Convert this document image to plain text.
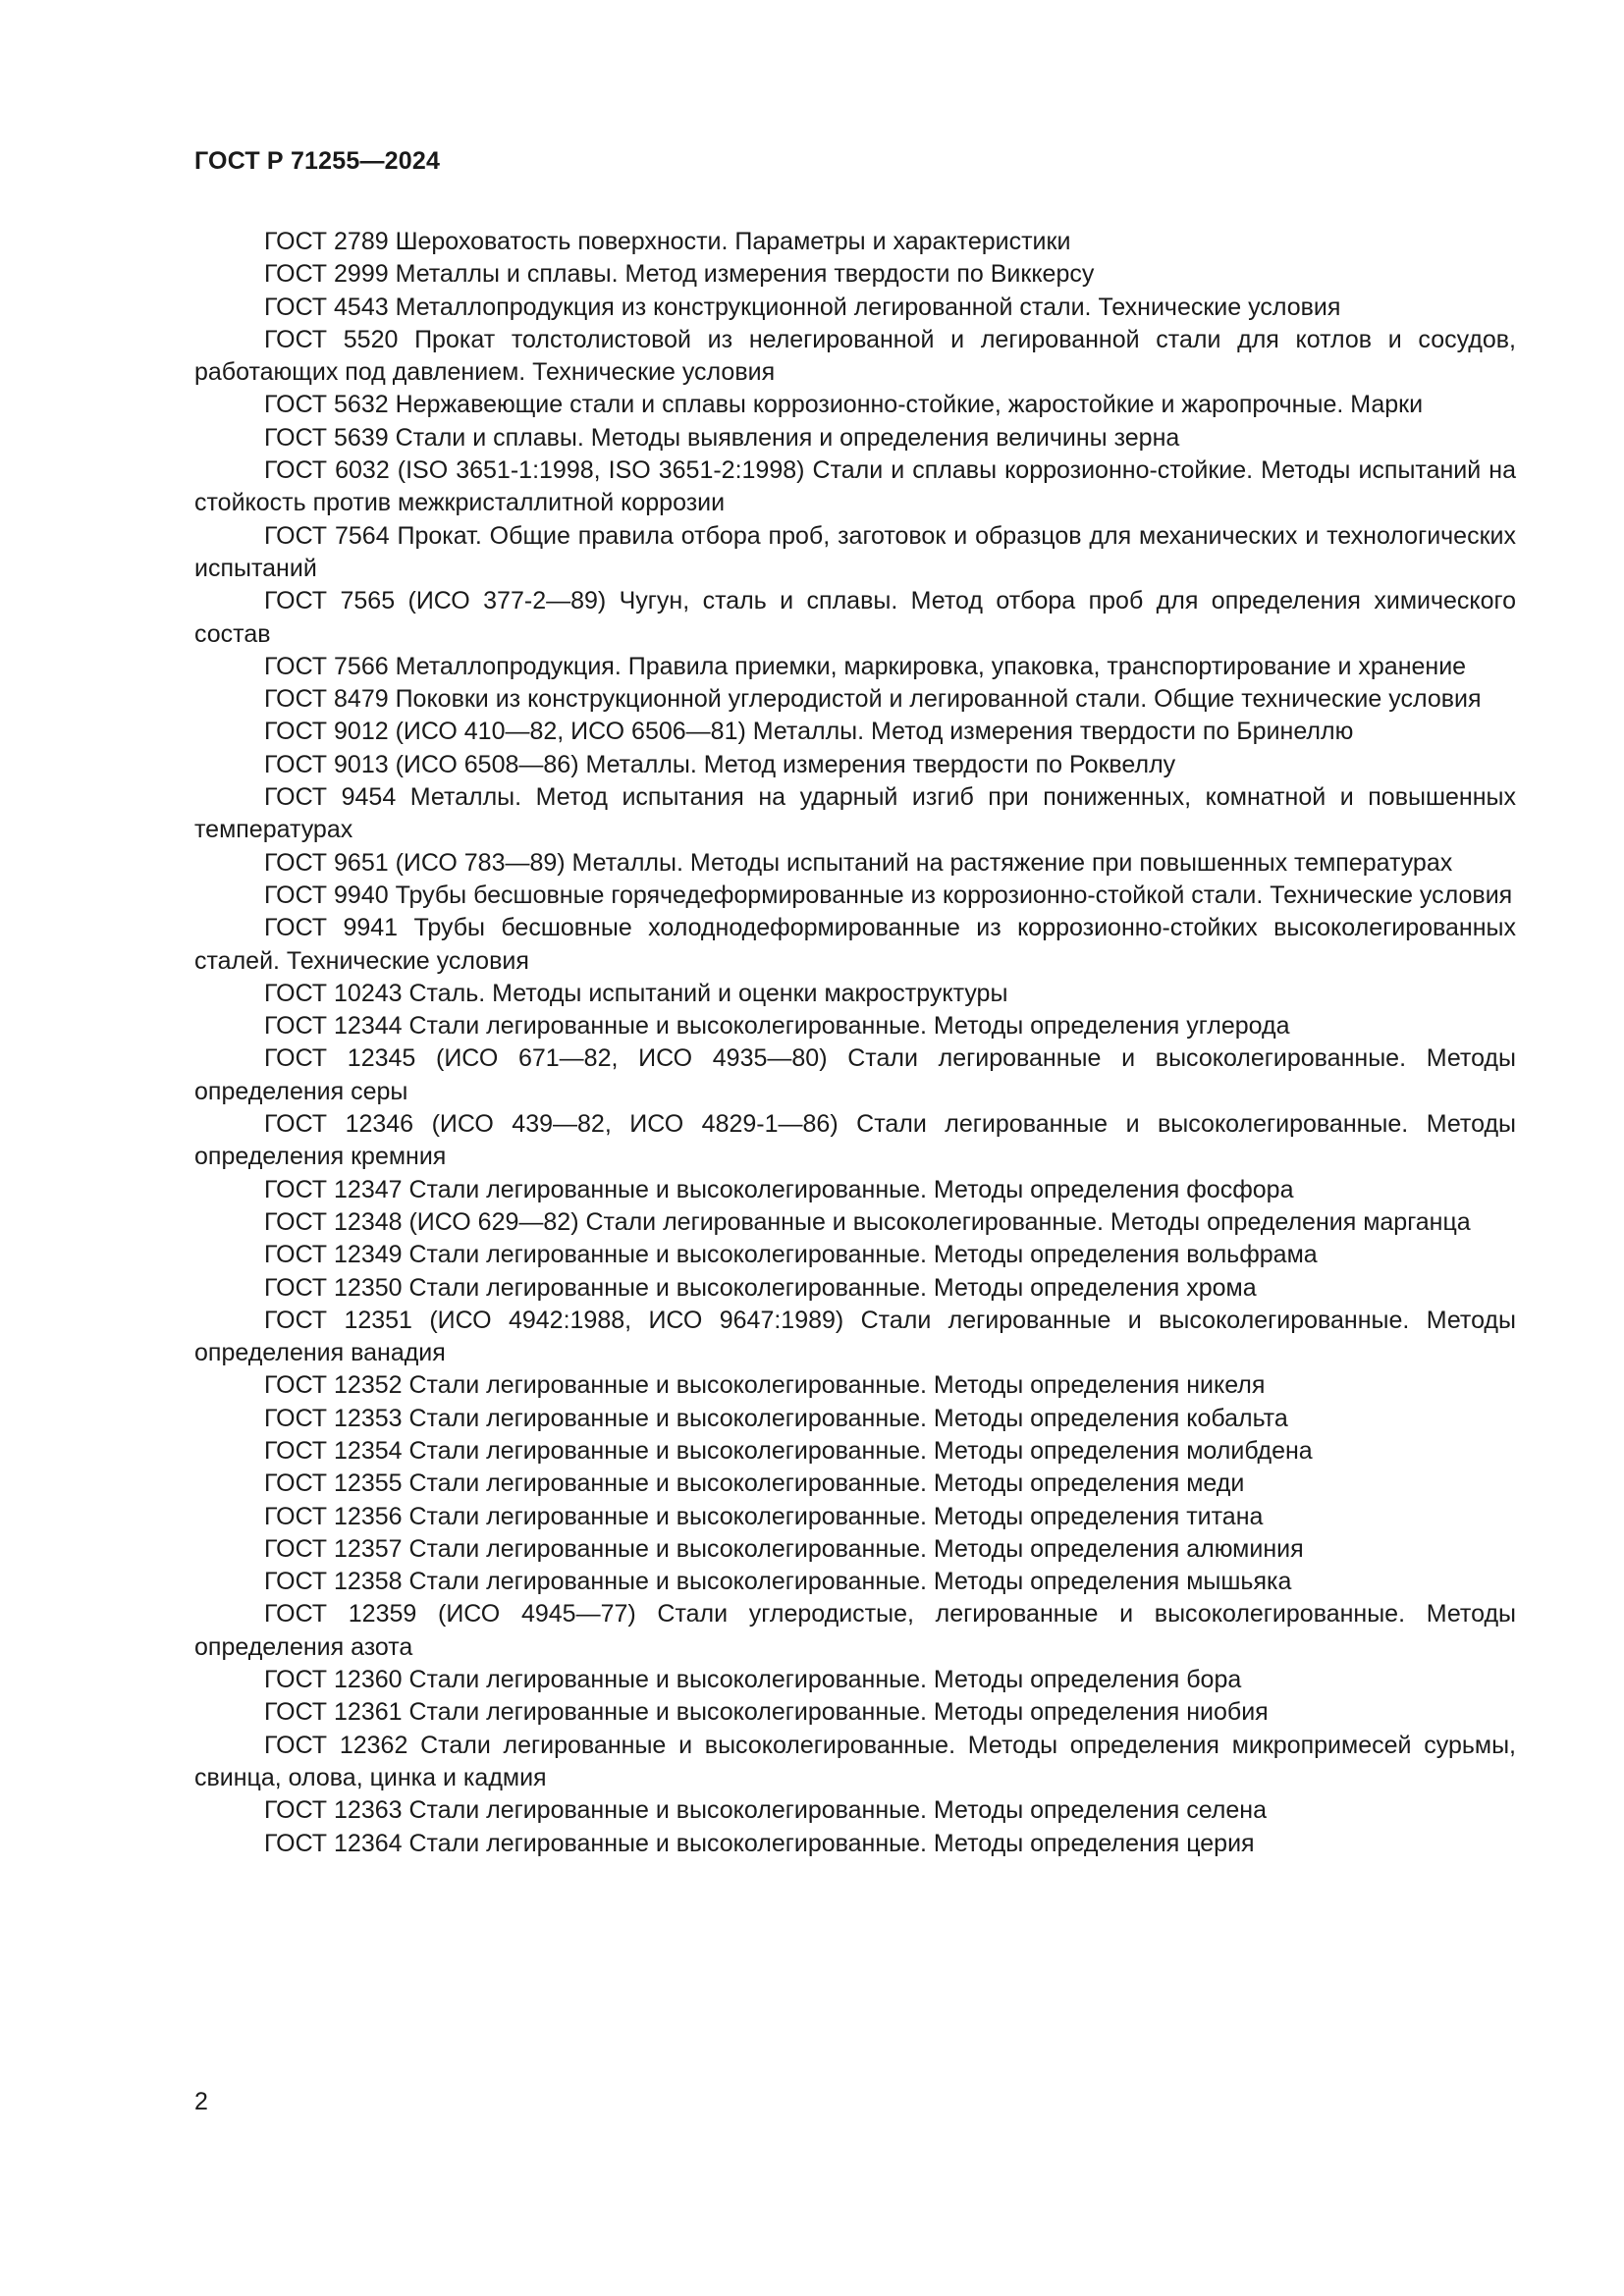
ГОСТ Р 71255—2024

ГОСТ 2789 Шероховатость поверхности. Параметры и характеристики

ГОСТ 2999 Металлы и сплавы. Метод измерения твердости по Виккерсу

ГОСТ 4543 Металлопродукция из конструкционной легированной стали. Технические условия

ГОСТ 5520 Прокат толстолистовой из нелегированной и легированной стали для котлов и сосудов, работающих под давлением. Технические условия

ГОСТ 5632 Нержавеющие стали и сплавы коррозионно-стойкие, жаростойкие и жаропрочные. Марки

ГОСТ 5639 Стали и сплавы. Методы выявления и определения величины зерна

ГОСТ 6032 (ISO 3651-1:1998, ISO 3651-2:1998) Стали и сплавы коррозионно-стойкие. Методы испытаний на стойкость против межкристаллитной коррозии

ГОСТ 7564 Прокат. Общие правила отбора проб, заготовок и образцов для механических и технологических испытаний

ГОСТ 7565 (ИСО 377-2—89) Чугун, сталь и сплавы. Метод отбора проб для определения химического состав

ГОСТ 7566 Металлопродукция. Правила приемки, маркировка, упаковка, транспортирование и хранение

ГОСТ 8479 Поковки из конструкционной углеродистой и легированной стали. Общие технические условия

ГОСТ 9012 (ИСО 410—82, ИСО 6506—81) Металлы. Метод измерения твердости по Бринеллю

ГОСТ 9013 (ИСО 6508—86) Металлы. Метод измерения твердости по Роквеллу

ГОСТ 9454 Металлы. Метод испытания на ударный изгиб при пониженных, комнатной и повышенных температурах

ГОСТ 9651 (ИСО 783—89) Металлы. Методы испытаний на растяжение при повышенных температурах

ГОСТ 9940 Трубы бесшовные горячедеформированные из коррозионно-стойкой стали. Технические условия

ГОСТ 9941 Трубы бесшовные холоднодеформированные из коррозионно-стойких высоколегированных сталей. Технические условия

ГОСТ 10243 Сталь. Методы испытаний и оценки макроструктуры

ГОСТ 12344 Стали легированные и высоколегированные. Методы определения углерода

ГОСТ 12345 (ИСО 671—82, ИСО 4935—80) Стали легированные и высоколегированные. Методы определения серы

ГОСТ 12346 (ИСО 439—82, ИСО 4829-1—86) Стали легированные и высоколегированные. Методы определения кремния

ГОСТ 12347 Стали легированные и высоколегированные. Методы определения фосфора

ГОСТ 12348 (ИСО 629—82) Стали легированные и высоколегированные. Методы определения марганца

ГОСТ 12349 Стали легированные и высоколегированные. Методы определения вольфрама

ГОСТ 12350 Стали легированные и высоколегированные. Методы определения хрома

ГОСТ 12351 (ИСО 4942:1988, ИСО 9647:1989) Стали легированные и высоколегированные. Методы определения ванадия

ГОСТ 12352 Стали легированные и высоколегированные. Методы определения никеля

ГОСТ 12353 Стали легированные и высоколегированные. Методы определения кобальта

ГОСТ 12354 Стали легированные и высоколегированные. Методы определения молибдена

ГОСТ 12355 Стали легированные и высоколегированные. Методы определения меди

ГОСТ 12356 Стали легированные и высоколегированные. Методы определения титана

ГОСТ 12357 Стали легированные и высоколегированные. Методы определения алюминия

ГОСТ 12358 Стали легированные и высоколегированные. Методы определения мышьяка

ГОСТ 12359 (ИСО 4945—77) Стали углеродистые, легированные и высоколегированные. Методы определения азота

ГОСТ 12360 Стали легированные и высоколегированные. Методы определения бора

ГОСТ 12361 Стали легированные и высоколегированные. Методы определения ниобия

ГОСТ 12362 Стали легированные и высоколегированные. Методы определения микропримесей сурьмы, свинца, олова, цинка и кадмия

ГОСТ 12363 Стали легированные и высоколегированные. Методы определения селена

ГОСТ 12364 Стали легированные и высоколегированные. Методы определения церия

2
